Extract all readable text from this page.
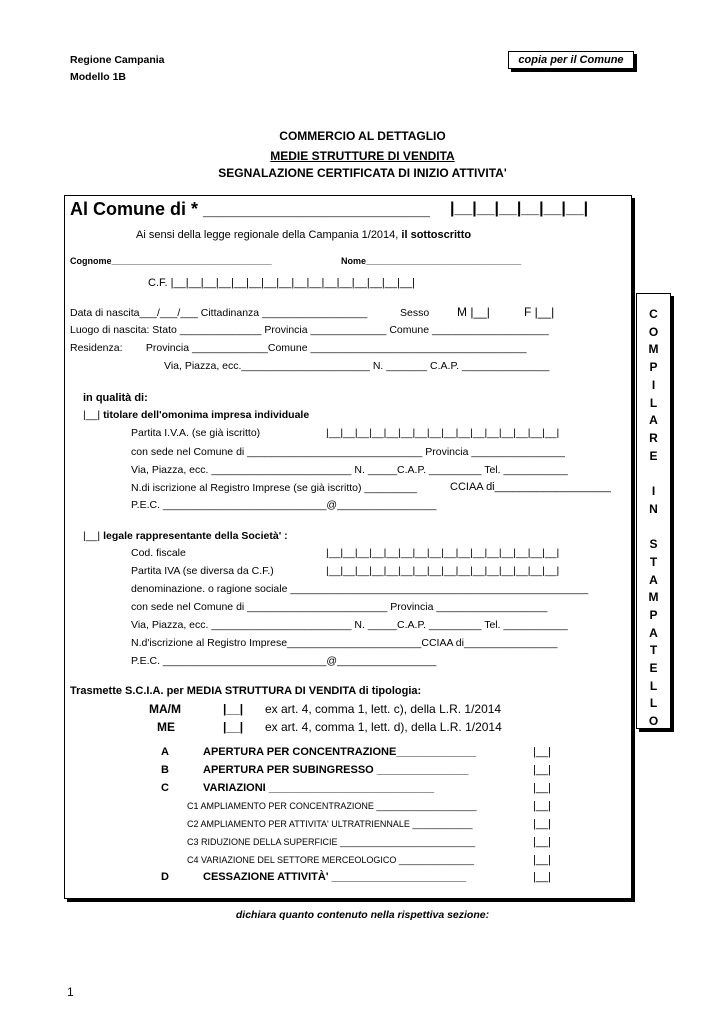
Regione Campania
Modello 1B
copia per il Comune
COMMERCIO AL DETTAGLIO
MEDIE STRUTTURE DI VENDITA
SEGNALAZIONE CERTIFICATA DI INIZIO ATTIVITA'
Al Comune di * ________________________ |__|__|__|__|__|__|
Ai sensi della legge regionale della Campania 1/2014, il sottoscritto
Cognome________________________________	Nome_______________________________
C.F. |__|__|__|__|__|__|__|__|__|__|__|__|__|__|__|__|
Data di nascita___/___/___ Cittadinanza __________________	Sesso M |__|	F |__|
Luogo di nascita: Stato ______________ Provincia _____________ Comune ____________________
Residenza:        Provincia _____________Comune _____________________________________
Via, Piazza, ecc.______________________ N. _______ C.A.P. _______________
in qualità di:
|__| titolare dell'omonima impresa individuale
Partita I.V.A. (se già iscritto)	|__|__|__|__|__|__|__|__|__|__|__|__|__|__|__|__|
con sede nel Comune di ______________________________ Provincia ________________
Via, Piazza, ecc. ________________________ N. _____C.A.P. _________ Tel. ___________
N.di iscrizione al Registro Imprese (se già iscritto) _________	CCIAA di___________________
P.E.C. ____________________________@_________________
|__| legale rappresentante della Società' :
Cod. fiscale	|__|__|__|__|__|__|__|__|__|__|__|__|__|__|__|__|
Partita IVA (se diversa da C.F.)	|__|__|__|__|__|__|__|__|__|__|__|__|__|__|__|__|
denominazione. o ragione sociale ___________________________________________________
con sede nel Comune di ________________________ Provincia ___________________
Via, Piazza, ecc. ________________________ N. _____C.A.P. _________ Tel. ___________
N.d'iscrizione al Registro Imprese_______________________CCIAA di________________
P.E.C. ____________________________@_________________
Trasmette S.C.I.A. per MEDIA STRUTTURA DI VENDITA di tipologia:
MA/M	|__| ex art. 4, comma 1, lett. c), della L.R. 1/2014
ME	|__| ex art. 4, comma 1, lett. d), della L.R. 1/2014
A	APERTURA PER CONCENTRAZIONE_____________	|__|
B	APERTURA PER SUBINGRESSO _______________	|__|
C	VARIAZIONI ___________________________	|__|
C1 AMPLIAMENTO PER CONCENTRAZIONE ____________________	|__|
C2 AMPLIAMENTO PER ATTIVITA' ULTRATRIENNALE ____________	|__|
C3 RIDUZIONE DELLA SUPERFICIE ___________________________	|__|
C4 VARIAZIONE DEL SETTORE MERCEOLOGICO _______________	|__|
D	CESSAZIONE ATTIVITÀ' ______________________	|__|
C
O
M
P
I
L
A
R
E
I
N
S
T
A
M
P
A
T
E
L
L
O
dichiara quanto contenuto nella rispettiva sezione:
1
